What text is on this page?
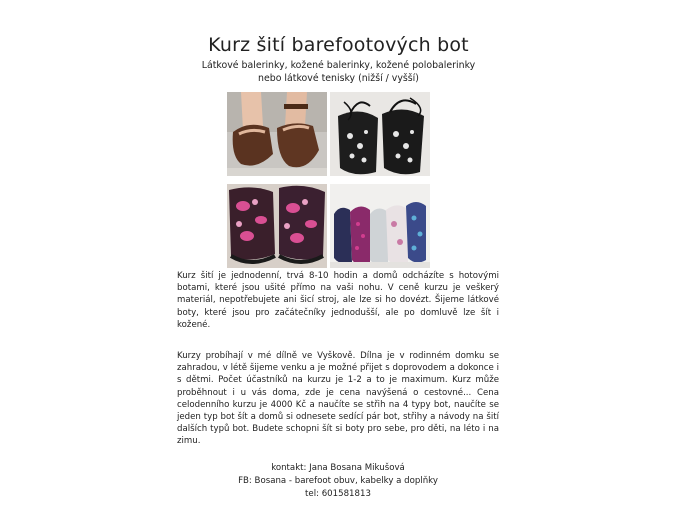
Kurz šití barefootových bot
Látkové balerinky, kožené balerinky, kožené polobalerinky
nebo látkové tenisky (nižší / vyšší)
Kurz šití je jednodenní, trvá 8-10 hodin a domů odcházíte s hotovými botami, které jsou ušité přímo na vaši nohu. V ceně kurzu je veškerý materiál, nepotřebujete ani šicí stroj, ale lze si ho dovézt. Šijeme látkové boty, které jsou pro začátečníky jednodušší, ale po domluvě lze šít i kožené.
Kurzy probíhají v mé dílně ve Vyškově. Dílna je v rodinném domku se zahradou, v létě šijeme venku a je možné přijet s doprovodem a dokonce i s dětmi. Počet účastníků na kurzu je 1-2 a to je maximum. Kurz může proběhnout i u vás doma, zde je cena navýšená o cestovné... Cena celodenního kurzu je 4000 Kč a naučíte se střih na 4 typy bot, naučíte se jeden typ bot šít a domů si odnesete sedící pár bot, střihy a návody na šití dalších typů bot. Budete schopni šít si boty pro sebe, pro děti, na léto i na zimu.
kontakt: Jana Bosana Mikušová
FB: Bosana - barefoot obuv, kabelky a doplňky
tel: 601581813
